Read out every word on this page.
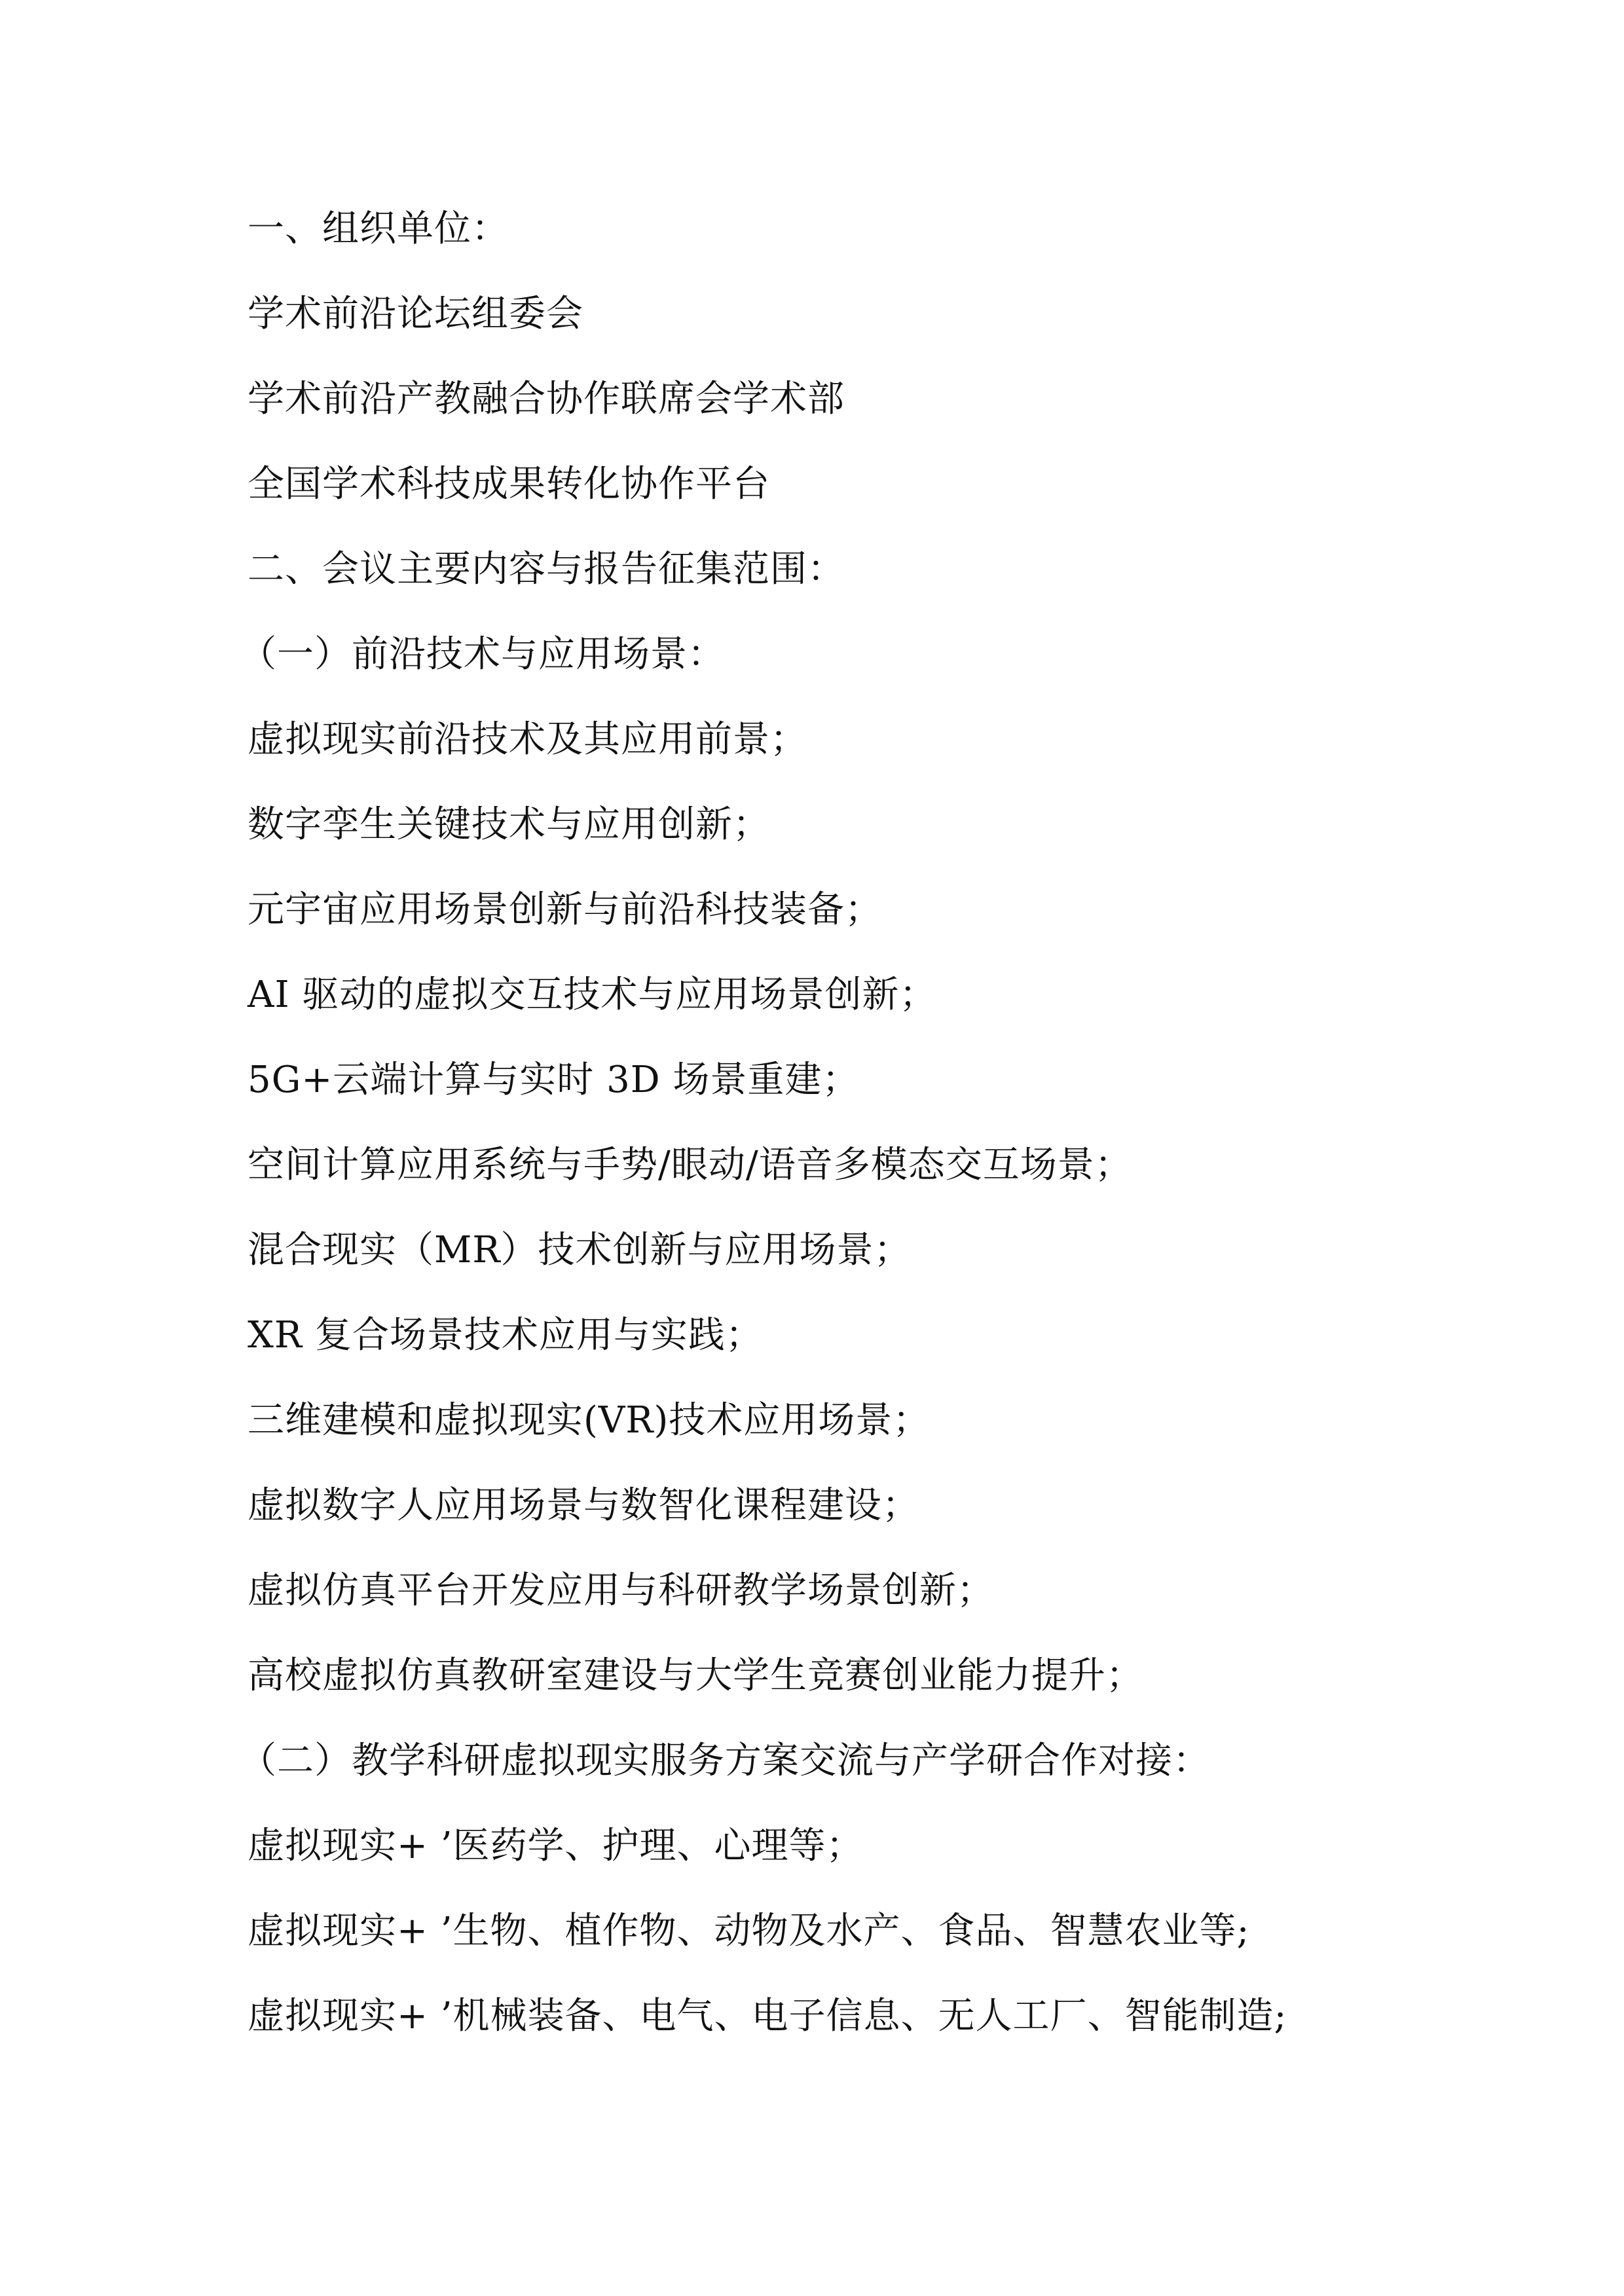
一、组织单位：
学术前沿论坛组委会
学术前沿产教融合协作联席会学术部
全国学术科技成果转化协作平台
二、会议主要内容与报告征集范围：
（一）前沿技术与应用场景：
虚拟现实前沿技术及其应用前景；
数字孪生关键技术与应用创新；
元宇宙应用场景创新与前沿科技装备；
AI 驱动的虚拟交互技术与应用场景创新；
5G+云端计算与实时 3D 场景重建；
空间计算应用系统与手势/眼动/语音多模态交互场景；
混合现实（MR）技术创新与应用场景；
XR 复合场景技术应用与实践；
三维建模和虚拟现实(VR)技术应用场景；
虚拟数字人应用场景与数智化课程建设；
虚拟仿真平台开发应用与科研教学场景创新；
高校虚拟仿真教研室建设与大学生竞赛创业能力提升；
（二）教学科研虚拟现实服务方案交流与产学研合作对接：
虚拟现实+ ’医药学、护理、心理等；
虚拟现实+ ’生物、植作物、动物及水产、食品、智慧农业等;
虚拟现实+ ’机械装备、电气、电子信息、无人工厂、智能制造;
